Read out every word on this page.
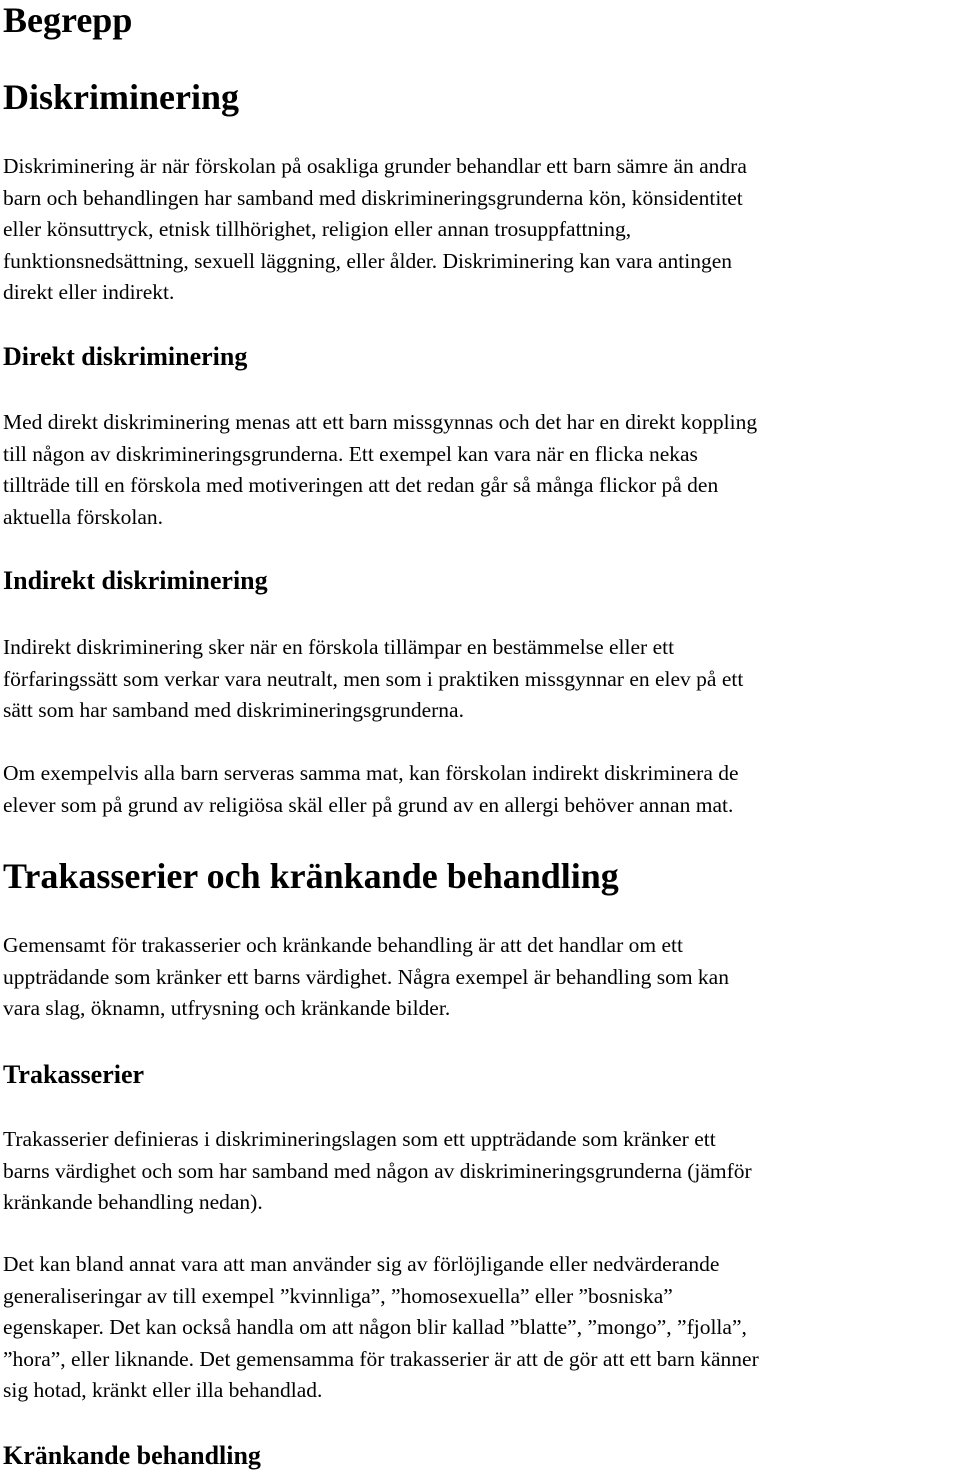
Begrepp
Diskriminering

Diskriminering är när förskolan på osakliga grunder behandlar ett barn sämre än andra
barn och behandlingen har samband med diskrimineringsgrunderna kön, könsidentitet
eller könsuttryck, etnisk tillhörighet, religion eller annan trosuppfattning,
funktionsnedsättning, sexuell läggning, eller ålder. Diskriminering kan vara antingen
direkt eller indirekt.

Direkt diskriminering

Med direkt diskriminering menas att ett barn missgynnas och det har en direkt koppling
till någon av diskrimineringsgrunderna. Ett exempel kan vara när en flicka nekas
tillträde till en förskola med motiveringen att det redan går så många flickor på den
aktuella förskolan.

Indirekt diskriminering

Indirekt diskriminering sker när en förskola tillämpar en bestämmelse eller ett
förfaringssätt som verkar vara neutralt, men som i praktiken missgynnar en elev på ett
sätt som har samband med diskrimineringsgrunderna.

Om exempelvis alla barn serveras samma mat, kan förskolan indirekt diskriminera de
elever som på grund av religiösa skäl eller på grund av en allergi behöver annan mat.

Trakasserier och kränkande behandling

Gemensamt för trakasserier och kränkande behandling är att det handlar om ett
uppträdande som kränker ett barns värdighet. Några exempel är behandling som kan
vara slag, öknamn, utfrysning och kränkande bilder.

Trakasserier

Trakasserier definieras i diskrimineringslagen som ett uppträdande som kränker ett
barns värdighet och som har samband med någon av diskrimineringsgrunderna (jämför
kränkande behandling nedan).

Det kan bland annat vara att man använder sig av förlöjligande eller nedvärderande
generaliseringar av till exempel ”kvinnliga”, ”homosexuella” eller ”bosniska”
egenskaper. Det kan också handla om att någon blir kallad ”blatte”, ”mongo”, ”fjolla”,
”hora”, eller liknande. Det gemensamma för trakasserier är att de gör att ett barn känner
sig hotad, kränkt eller illa behandlad.

Kränkande behandling
